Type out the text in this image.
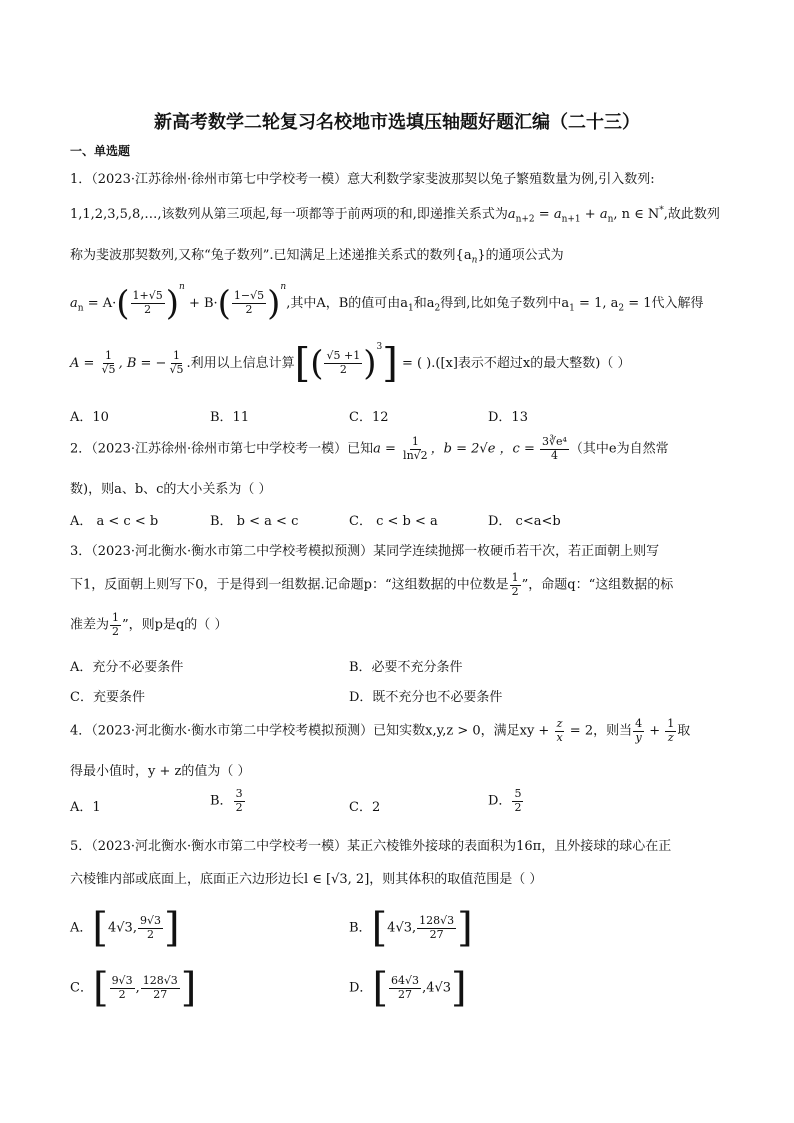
新高考数学二轮复习名校地市选填压轴题好题汇编（二十三）
一、单选题
1．（2023·江苏徐州·徐州市第七中学校考一模）意大利数学家斐波那契以兔子繁殖数量为例,引入数列:
1,1,2,3,5,8,…,该数列从第三项起,每一项都等于前两项的和,即递推关系式为$a_{n+2} = a_{n+1} + a_n$, n ∈ N*,故此数列
称为斐波那契数列,又称“兔子数列”.已知满足上述递推关系式的数列$\{a_n\}$的通项公式为
$a_n = A\cdot( \frac{1+√5}{2} )^n + B\cdot( \frac{1-√5}{2} )^n$,其中A，B的值可由$a_1$和$a_2$得到,比如兔子数列中$a_1 = 1$, $a_2 = 1$代入解得
$A = \frac{1}{√5}$ , B = − $\frac{1}{√5}$ .利用以上信息计算[( $\frac{√5 +1}{2} )^3$] = ( ).([x]表示不超过x的最大整数)（ ）
A．10	B．11	C．12	D．13
2．（2023·江苏徐州·徐州市第七中学校考一模）已知$a = \frac{1}{\ln√2}$ ，b = 2√e ，$c = \frac{\text{3∛e⁴}}{4}$ （其中e为自然常
数)，则a、b、c的大小关系为（ ）
A． a < c < b	B． b < a < c	C． c < b < a	D． c<a<b
3．（2023·河北衡水·衡水市第二中学校考模拟预测）某同学连续抛掷一枚硬币若干次，若正面朝上则写
下1，反面朝上则写下0，于是得到一组数据.记命题p：“这组数据的中位数是 $\frac{1}{2}$ ”，命题q：“这组数据的标
准差为 $\frac{1}{2}$ ”，则p是q的（ ）
A．充分不必要条件	B．必要不充分条件
C．充要条件	D．既不充分也不必要条件
4．（2023·河北衡水·衡水市第二中学校考模拟预测）已知实数x,y,z > 0，满足xy + $\frac{z}{x} = 2$，则当 $\frac{4}{y} + \frac{1}{z}$ 取
得最小值时，y + z的值为（ ）
A．1	B． $\frac{3}{2}$	C．2	D． $\frac{5}{2}$
5．（2023·河北衡水·衡水市第二中学校考一模）某正六棱锥外接球的表面积为16π，且外接球的球心在正
六棱锥内部或底面上，底面正六边形边长l ∈ [√3, 2]，则其体积的取值范围是（ ）
A．[4√3, $\frac{9√3}{2}$ ]	B．[4√3, $\frac{128√3}{27}$ ]
C．[ $\frac{9√3}{2}$ , $\frac{128√3}{27}$ ]	D．[ $\frac{64√3}{27} ,4√3$]
